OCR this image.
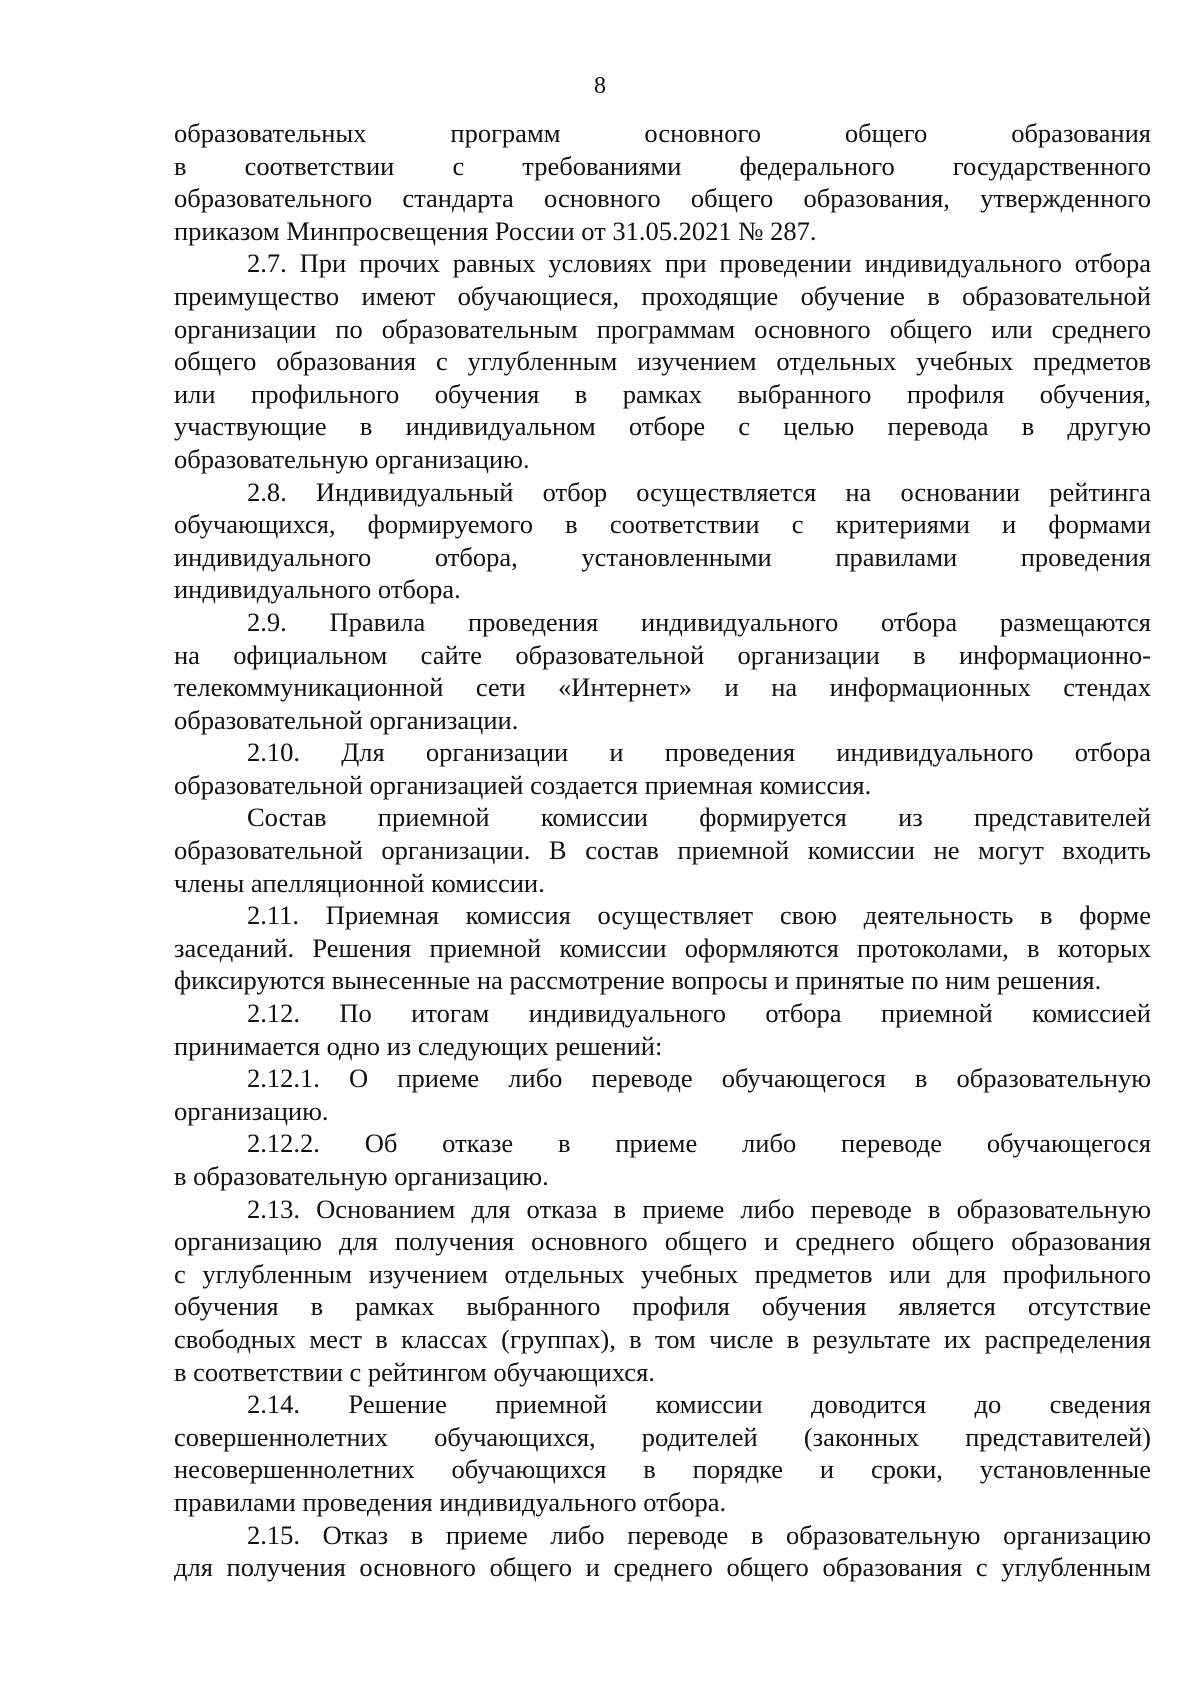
8

образовательных программ основного общего образования
в соответствии с требованиями федерального государственного
образовательного стандарта основного общего образования, утвержденного
приказом Минпросвещения России от 31.05.2021 № 287.

2.7. При прочих равных условиях при проведении индивидуального отбора
преимущество имеют обучающиеся, проходящие обучение в образовательной
организации по образовательным программам основного общего или среднего
общего образования с углубленным изучением отдельных учебных предметов
или профильного обучения в рамках выбранного профиля обучения,
участвующие в индивидуальном отборе с целью перевода в другую
образовательную организацию.

2.8. Индивидуальный отбор осуществляется на основании рейтинга
обучающихся, формируемого в соответствии с критериями и формами
индивидуального отбора, установленными правилами проведения
индивидуального отбора.

2.9. Правила проведения индивидуального отбора размещаются
на официальном сайте образовательной организации в информационно-
телекоммуникационной сети «Интернет» и на информационных стендах
образовательной организации.

2.10. Для организации и проведения индивидуального отбора
образовательной организацией создается приемная комиссия.

Состав приемной комиссии формируется из представителей
образовательной организации. В состав приемной комиссии не могут входить
члены апелляционной комиссии.

2.11. Приемная комиссия осуществляет свою деятельность в форме
заседаний. Решения приемной комиссии оформляются протоколами, в которых
фиксируются вынесенные на рассмотрение вопросы и принятые по ним решения.

2.12. По итогам индивидуального отбора приемной комиссией
принимается одно из следующих решений:

2.12.1. О приеме либо переводе обучающегося в образовательную
организацию.

2.12.2. Об отказе в приеме либо переводе обучающегося
в образовательную организацию.

2.13. Основанием для отказа в приеме либо переводе в образовательную
организацию для получения основного общего и среднего общего образования
с углубленным изучением отдельных учебных предметов или для профильного
обучения в рамках выбранного профиля обучения является отсутствие
свободных мест в классах (группах), в том числе в результате их распределения
в соответствии с рейтингом обучающихся.

2.14. Решение приемной комиссии доводится до сведения
совершеннолетних обучающихся, родителей (законных представителей)
несовершеннолетних обучающихся в порядке и сроки, установленные
правилами проведения индивидуального отбора.

2.15. Отказ в приеме либо переводе в образовательную организацию
для получения основного общего и среднего общего образования с углубленным
